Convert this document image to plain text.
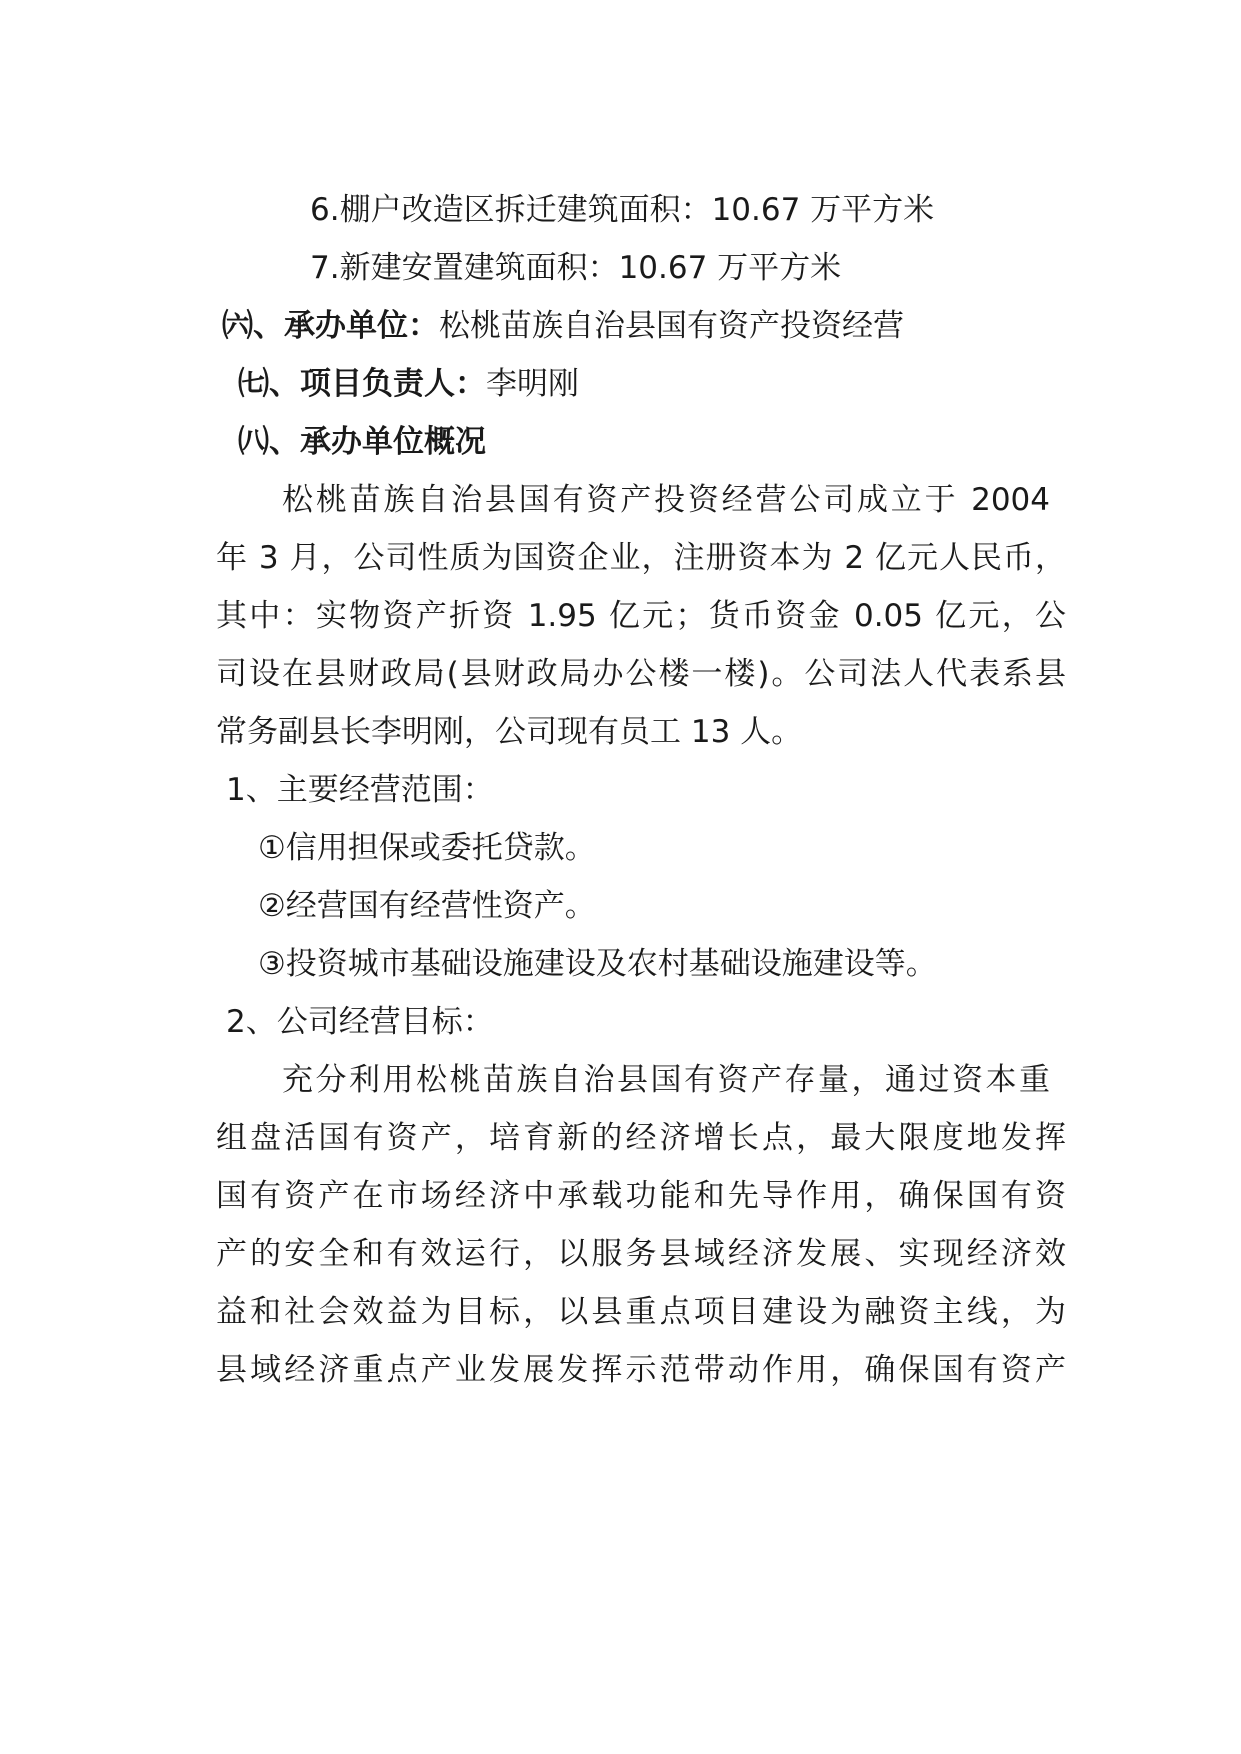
6.棚户改造区拆迁建筑面积：10.67 万平方米
7.新建安置建筑面积：10.67 万平方米
㈥、承办单位：松桃苗族自治县国有资产投资经营
㈦、项目负责人：李明刚
㈧、承办单位概况
松桃苗族自治县国有资产投资经营公司成立于 2004
年 3 月，公司性质为国资企业，注册资本为 2 亿元人民币，
其中：实物资产折资 1.95 亿元；货币资金 0.05 亿元，公
司设在县财政局(县财政局办公楼一楼)。公司法人代表系县
常务副县长李明刚，公司现有员工 13 人。
1、主要经营范围：
①信用担保或委托贷款。
②经营国有经营性资产。
③投资城市基础设施建设及农村基础设施建设等。
2、公司经营目标：
充分利用松桃苗族自治县国有资产存量，通过资本重
组盘活国有资产，培育新的经济增长点，最大限度地发挥
国有资产在市场经济中承载功能和先导作用，确保国有资
产的安全和有效运行，以服务县域经济发展、实现经济效
益和社会效益为目标，以县重点项目建设为融资主线，为
县域经济重点产业发展发挥示范带动作用，确保国有资产
